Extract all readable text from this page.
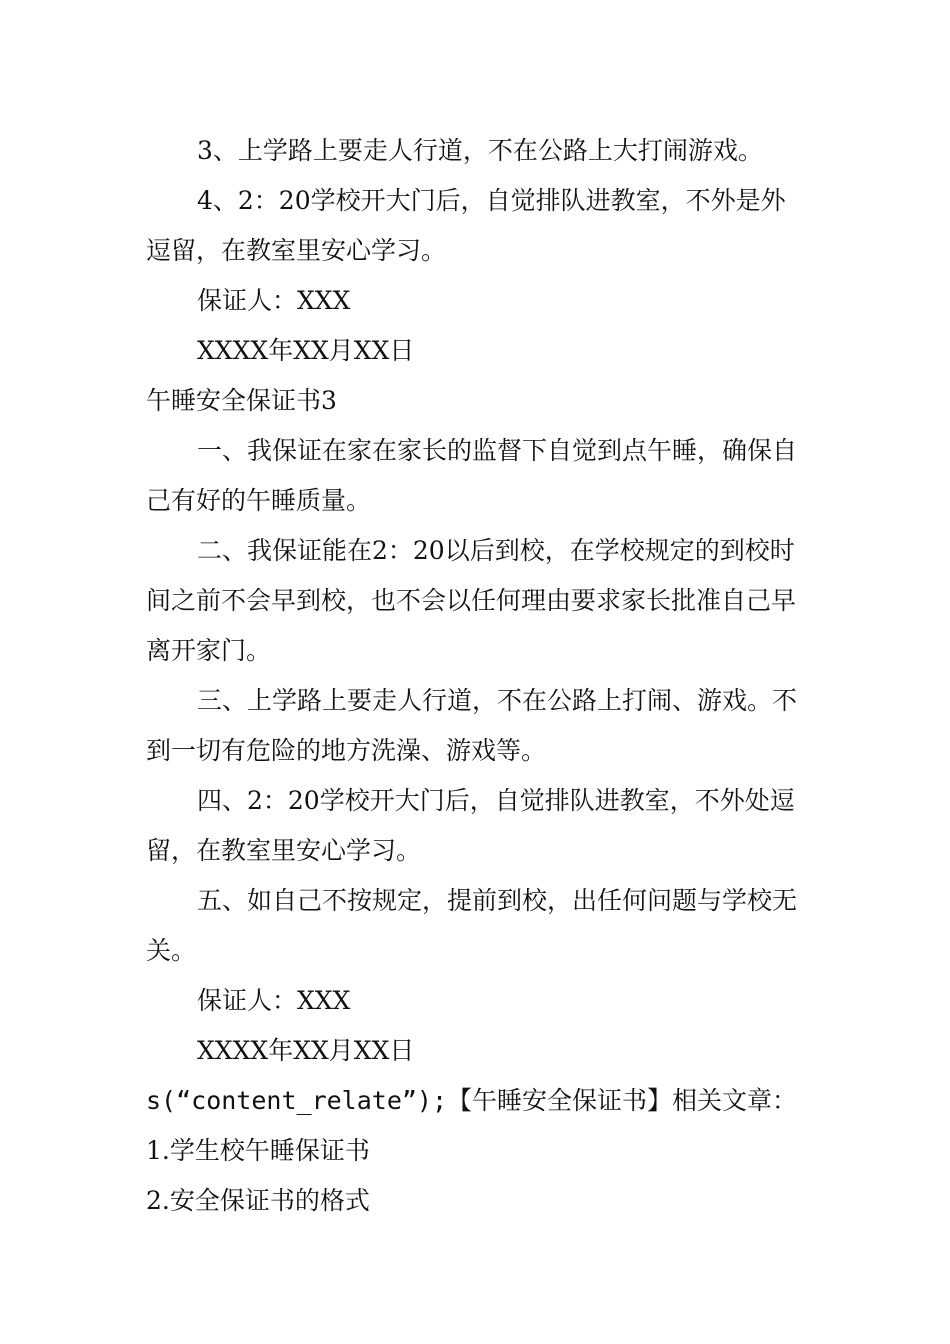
3、上学路上要走人行道，不在公路上大打闹游戏。

4、2：20学校开大门后，自觉排队进教室，不外是外逗留，在教室里安心学习。

保证人：XXX

XXXX年XX月XX日

午睡安全保证书3

一、我保证在家在家长的监督下自觉到点午睡，确保自己有好的午睡质量。

二、我保证能在2：20以后到校，在学校规定的到校时间之前不会早到校，也不会以任何理由要求家长批准自己早离开家门。

三、上学路上要走人行道，不在公路上打闹、游戏。不到一切有危险的地方洗澡、游戏等。

四、2：20学校开大门后，自觉排队进教室，不外处逗留，在教室里安心学习。

五、如自己不按规定，提前到校，出任何问题与学校无关。

保证人：XXX

XXXX年XX月XX日

s(“content_relate”);【午睡安全保证书】相关文章：

1.学生校午睡保证书

2.安全保证书的格式
